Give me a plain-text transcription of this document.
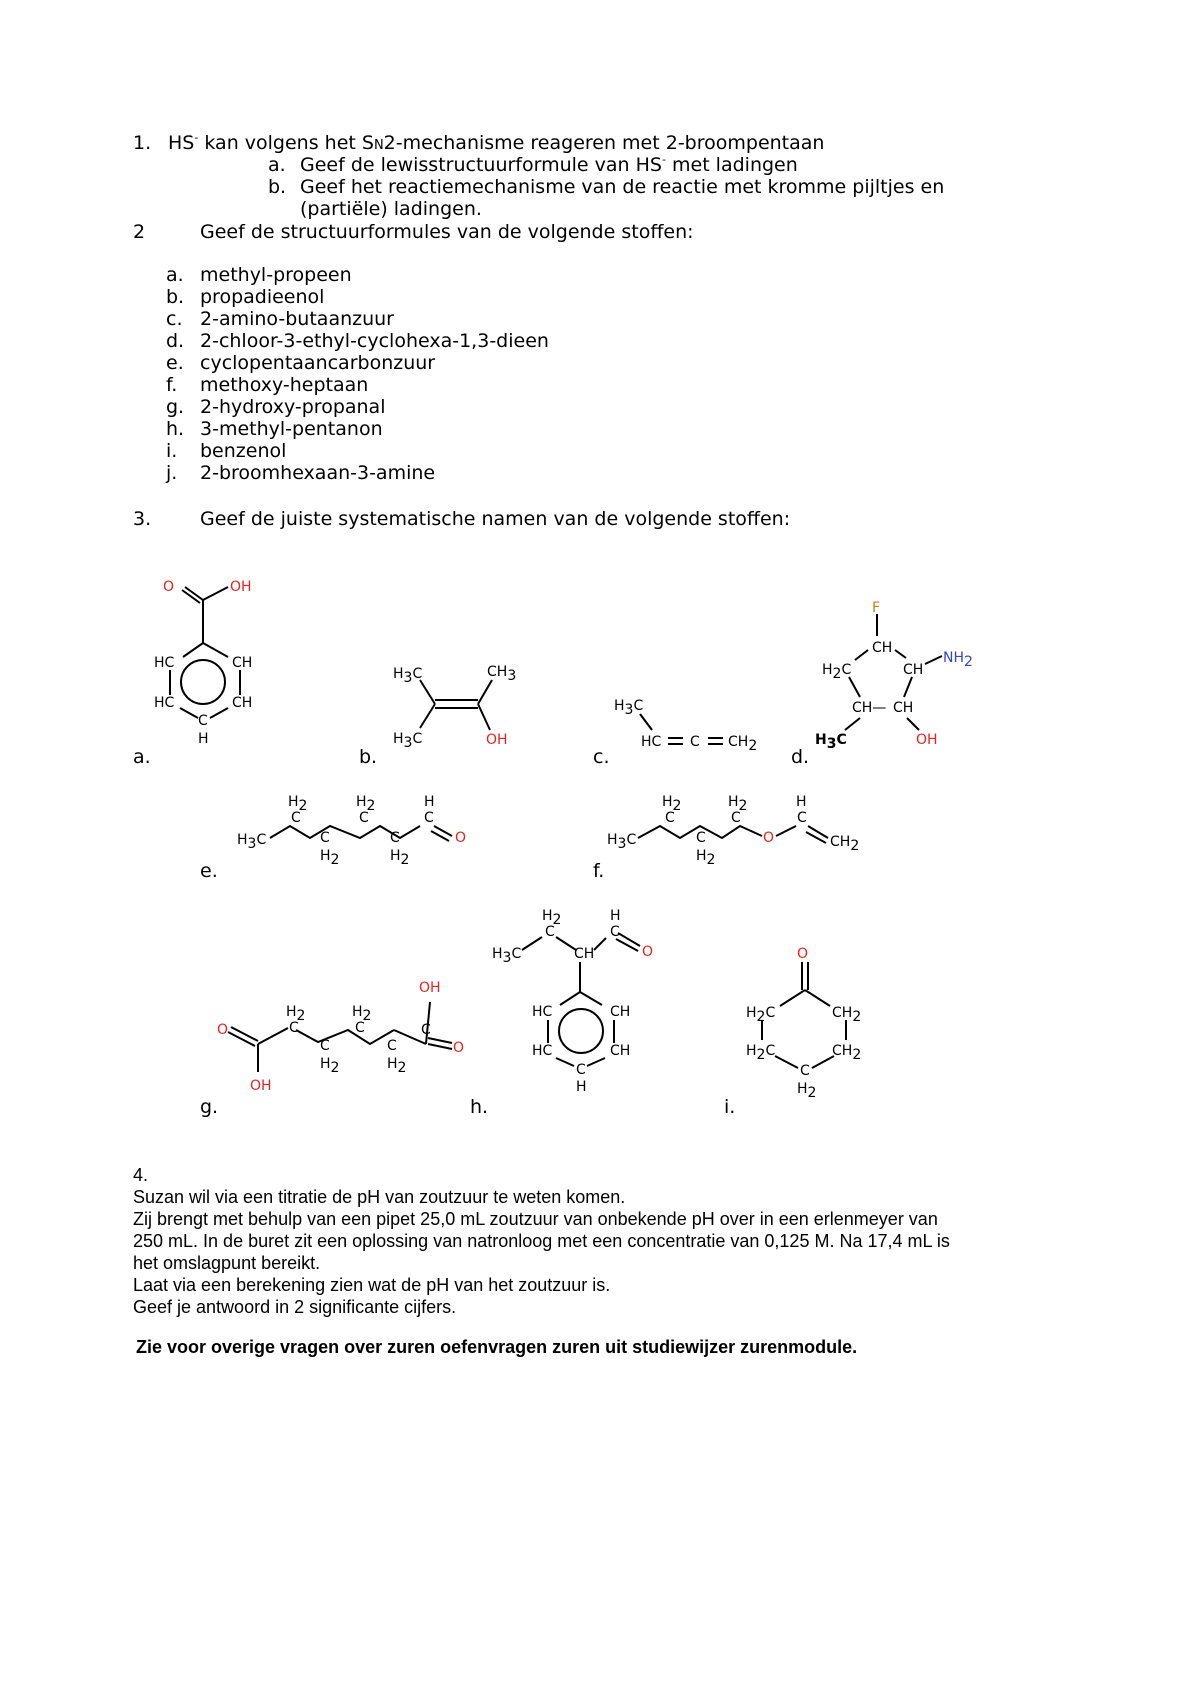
1. HS- kan volgens het SN2-mechanisme reageren met 2-broompentaan
a. Geef de lewisstructuurformule van HS- met ladingen
b. Geef het reactiemechanisme van de reactie met kromme pijltjes en
(partiële) ladingen.
2	Geef de structuurformules van de volgende stoffen:
a. methyl-propeen
b. propadieenol
c. 2-amino-butaanzuur
d. 2-chloor-3-ethyl-cyclohexa-1,3-dieen
e. cyclopentaancarbonzuur
f. methoxy-heptaan
g. 2-hydroxy-propanal
h. 3-methyl-pentanon
i. benzenol
j. 2-broomhexaan-3-amine
3.	Geef de juiste systematische namen van de volgende stoffen:
a.	b.	c.	d.
e.	f.
g.	h.	i.
O	OH
HC	CH
HC	CH
C
H
H3C	CH3
H3C	OH
H3C
HC C CH2
F
CH
H2C	CH
NH2
CH— CH
H3C	OH
H3C
H2
C
C
H2
H2
C
C
H2
H
C
O	H3C
H2
C
C
H2
H2
C
O
H
C
CH2
O
OH
H2
C
C
H2
H2
C
C
H2
OH
C
O
H3C
H2
C
CH
H
C
O
HC	CH
HC	CH
C
H
O
H2C	CH2
H2C	CH2
C
H2
4.
Suzan wil via een titratie de pH van zoutzuur te weten komen.
Zij brengt met behulp van een pipet 25,0 mL zoutzuur van onbekende pH over in een erlenmeyer van
250 mL. In de buret zit een oplossing van natronloog met een concentratie van 0,125 M. Na 17,4 mL is
het omslagpunt bereikt.
Laat via een berekening zien wat de pH van het zoutzuur is.
Geef je antwoord in 2 significante cijfers.
Zie voor overige vragen over zuren oefenvragen zuren uit studiewijzer zurenmodule.
